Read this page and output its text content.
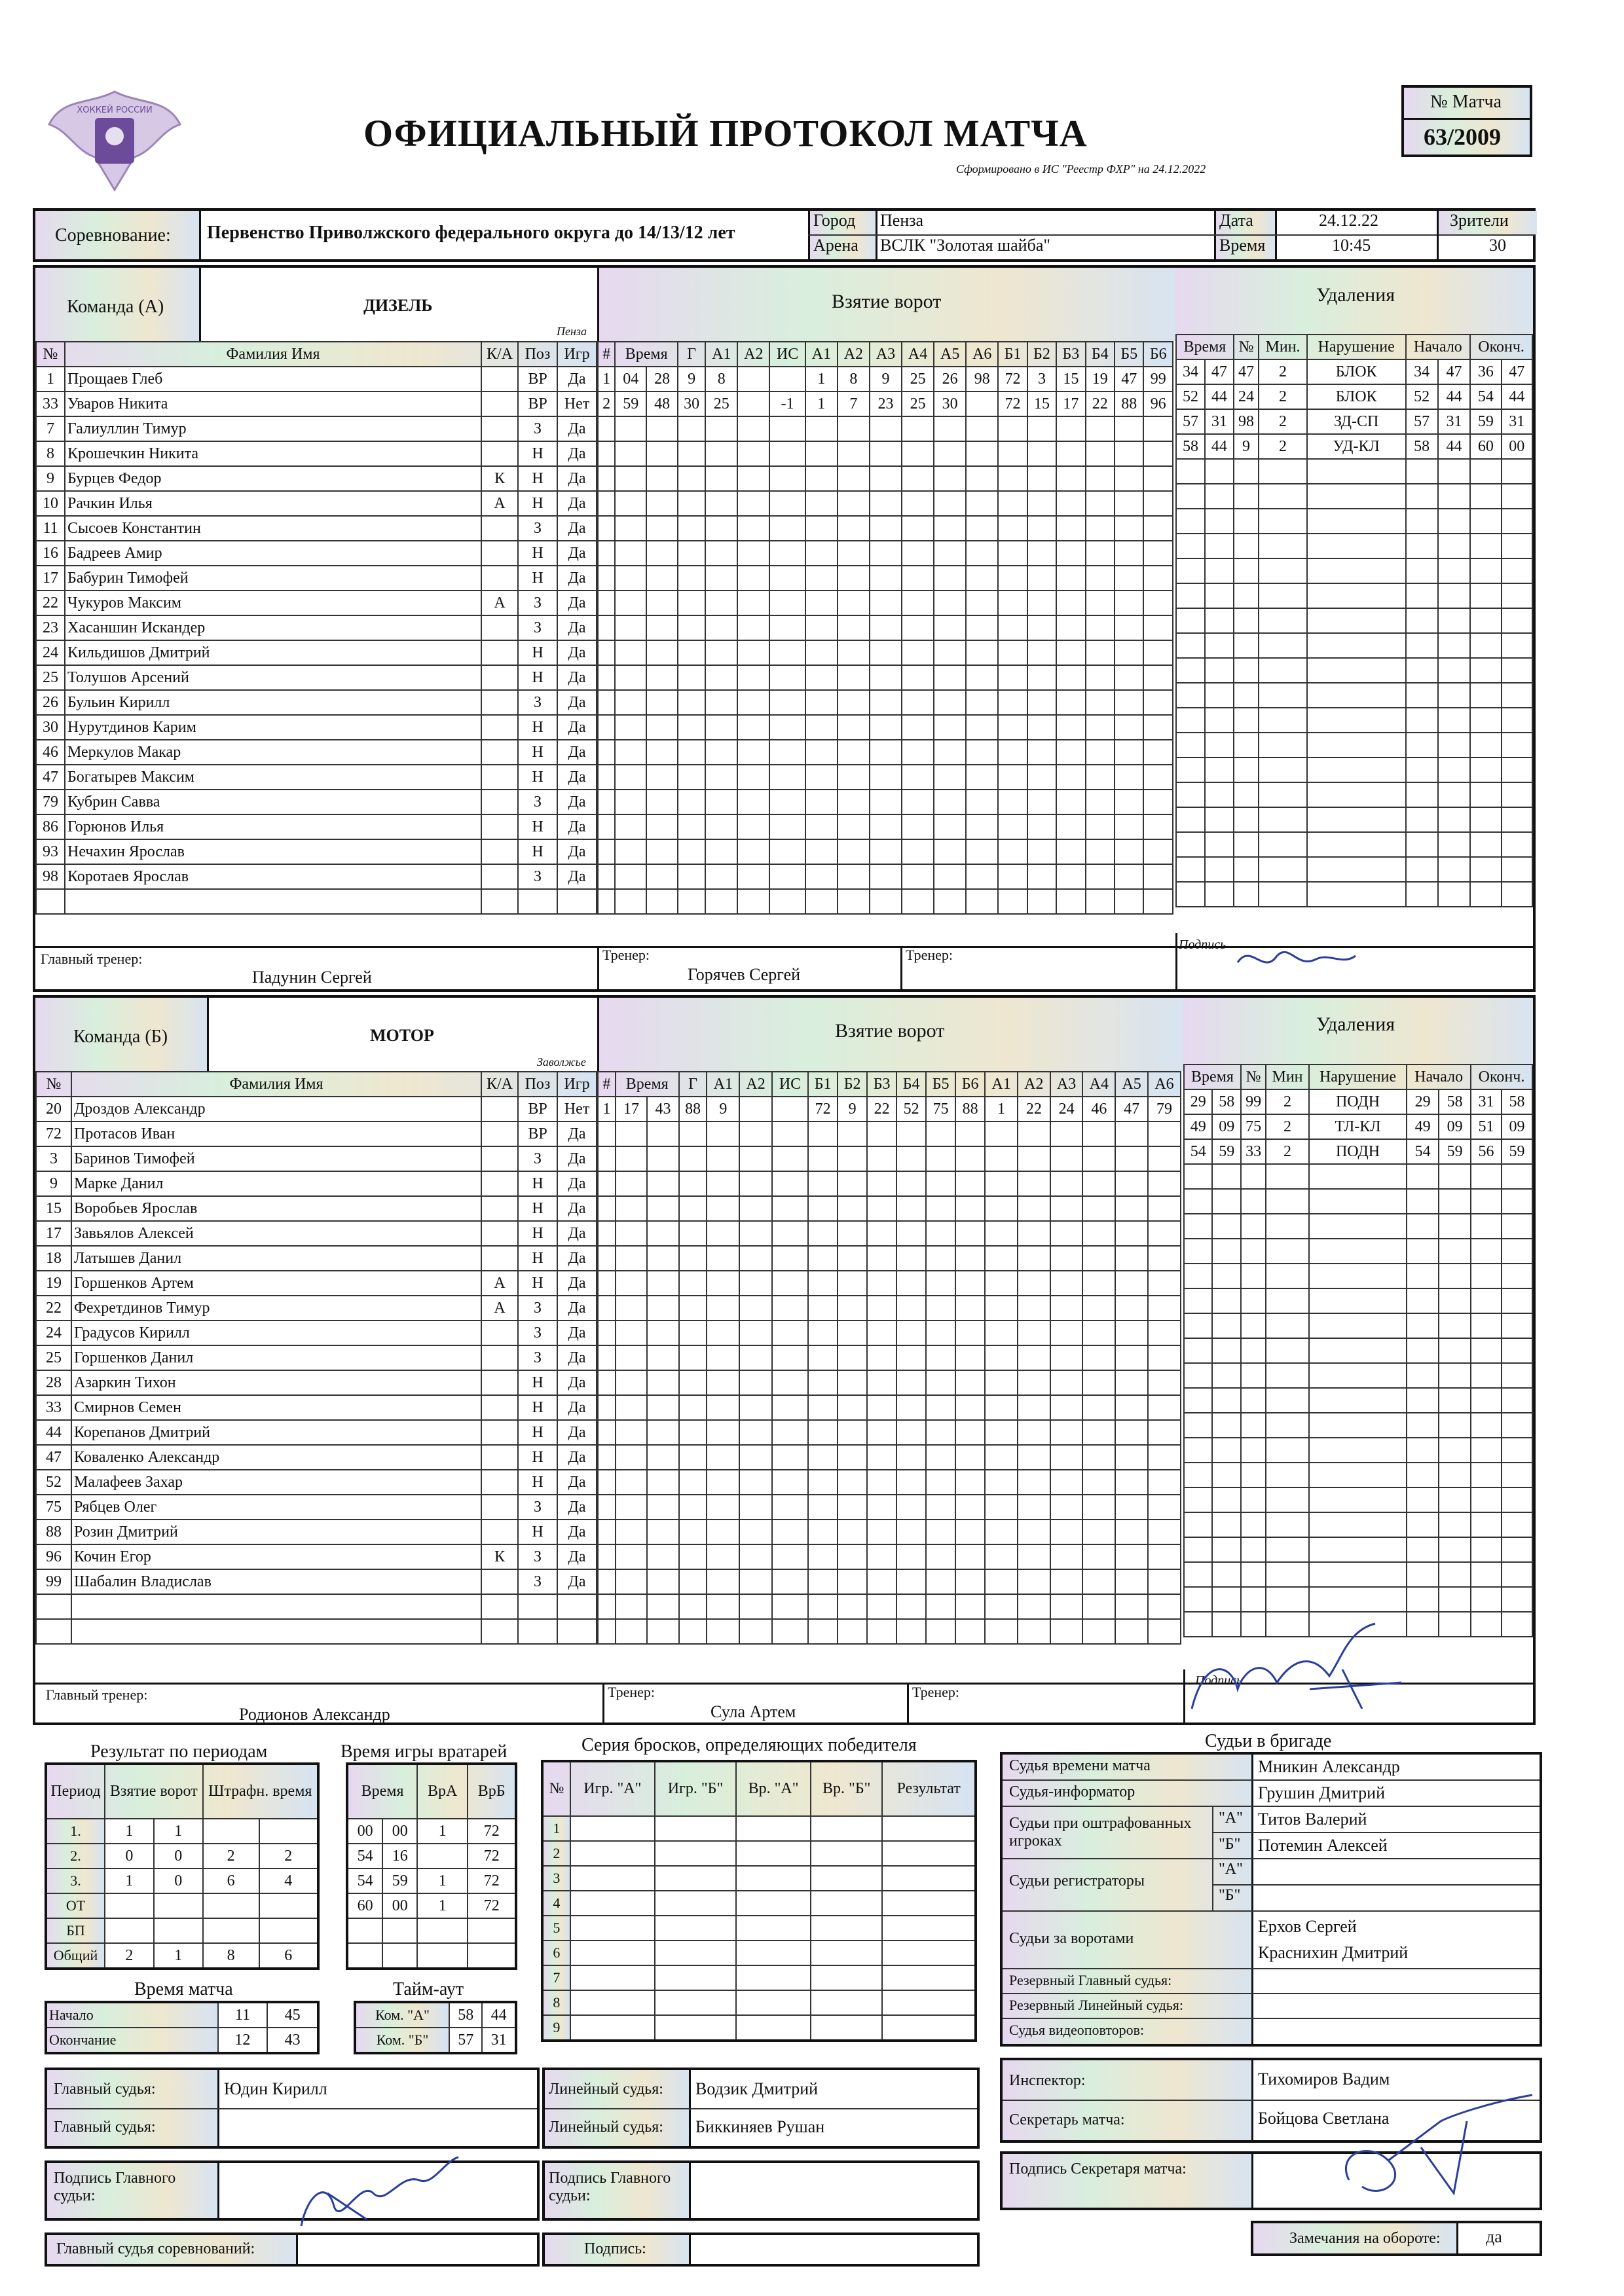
ХОККЕЙ РОССИИ
ОФИЦИАЛЬНЫЙ ПРОТОКОЛ МАТЧА
Сформировано в ИС "Реестр ФХР" на 24.12.2022
№ Матча
63/2009
Соревнование: Первенство Приволжского федерального округа до 14/13/12 лет
Город
Арена
Пенза
ВСЛК "Золотая шайба"
Дата
Время
24.12.22
10:45
Зрители
30
Команда (А)	ДИЗЕЛЬ
Пенза
Взятие ворот	Удаления
№	Фамилия Имя	К/А	Поз	Игр
1	Прощаев Глеб		ВР	Да
33	Уваров Никита		ВР	Нет
7	Галиуллин Тимур		З	Да
8	Крошечкин Никита		Н	Да
9	Бурцев Федор	К	Н	Да
10	Рачкин Илья	А	Н	Да
11	Сысоев Константин		З	Да
16	Бадреев Амир		Н	Да
17	Бабурин Тимофей		Н	Да
22	Чукуров Максим	А	З	Да
23	Хасаншин Искандер		З	Да
24	Кильдишов Дмитрий		Н	Да
25	Толушов Арсений		Н	Да
26	Бульин Кирилл		З	Да
30	Нурутдинов Карим		Н	Да
46	Меркулов Макар		Н	Да
47	Богатырев Максим		Н	Да
79	Кубрин Савва		З	Да
86	Горюнов Илья		Н	Да
93	Нечахин Ярослав		Н	Да
98	Коротаев Ярослав		З	Да

#	Время		Г	А1	А2	ИС	А1	А2	А3	А4	А5	А6	Б1	Б2	Б3	Б4	Б5	Б6
1	04	28	9	8			1	8	9	25	26	98	72	3	15	19	47	99
2	59	48	30	25		-1	1	7	23	25	30		72	15	17	22	88	96

Время		№	Мин.	Нарушение	Начало		Оконч.	
34	47	47	2	БЛОК	34	47	36	47
52	44	24	2	БЛОК	52	44	54	44
57	31	98	2	ЗД-СП	57	31	59	31
58	44	9	2	УД-КЛ	58	44	60	00

Главный тренер:
Падунин Сергей
Тренер:
Горячев Сергей
Тренер:
Подпись
Команда (Б)	МОТОР
Заволжье
Взятие ворот	Удаления
№	Фамилия Имя	К/А	Поз	Игр
20	Дроздов Александр		ВР	Нет
72	Протасов Иван		ВР	Да
3	Баринов Тимофей		З	Да
9	Марке Данил		Н	Да
15	Воробьев Ярослав		Н	Да
17	Завьялов Алексей		Н	Да
18	Латышев Данил		Н	Да
19	Горшенков Артем	А	Н	Да
22	Фехретдинов Тимур	А	З	Да
24	Градусов Кирилл		З	Да
25	Горшенков Данил		З	Да
28	Азаркин Тихон		Н	Да
33	Смирнов Семен		Н	Да
44	Корепанов Дмитрий		Н	Да
47	Коваленко Александр		Н	Да
52	Малафеев Захар		Н	Да
75	Рябцев Олег		З	Да
88	Розин Дмитрий		Н	Да
96	Кочин Егор	К	З	Да
99	Шабалин Владислав		З	Да

#	Время		Г	А1	А2	ИС	Б1	Б2	Б3	Б4	Б5	Б6	А1	А2	А3	А4	А5	А6
1	17	43	88	9			72	9	22	52	75	88	1	22	24	46	47	79

Время		№	Мин	Нарушение	Начало		Оконч.	
29	58	99	2	ПОДН	29	58	31	58
49	09	75	2	ТЛ-КЛ	49	09	51	09
54	59	33	2	ПОДН	54	59	56	59

Главный тренер:
Родионов Александр
Тренер:
Сула Артем
Тренер:
Подпись
Результат по периодам
Период	Взятие ворот		Штрафн. время	
1.	1	1		
2.	0	0	2	2
3.	1	0	6	4
ОТ				
БП				
Общий	2	1	8	6
Время игры вратарей
Время		ВрА	ВрБ
00	00	1	72
54	16		72
54	59	1	72
60	00	1	72

Время матча
Начало	11	45
Окончание	12	43
Тайм-аут
Ком. "А"	58	44
Ком. "Б"	57	31
Серия бросков, определяющих победителя
№	Игр. "А"	Игр. "Б"	Вр. "А"	Вр. "Б"	Результат
1					
2					
3					
4					
5					
6					
7					
8					
9					
Судьи в бригаде
Судья времени матча	Мникин Александр
Судья-информатор	Грушин Дмитрий
Судьи при оштрафованных игроках
"А" Титов Валерий
"Б" Потемин Алексей
Судьи регистраторы
"А"
"Б"
Судьи за воротами
Ерхов Сергей
Краснихин Дмитрий
Резервный Главный судья:
Резервный Линейный судья:
Судья видеоповторов:
Главный судья:	Юдин Кирилл
Главный судья:
Линейный судья: Водзик Дмитрий
Линейный судья: Биккиняев Рушан
Инспектор:	Тихомиров Вадим
Секретарь матча:	Бойцова Светлана
Подпись Главного судьи:
Подпись Главного судьи:
Подпись Секретаря матча:
Главный судья соревнований:	Подпись:
Замечания на обороте:	да
